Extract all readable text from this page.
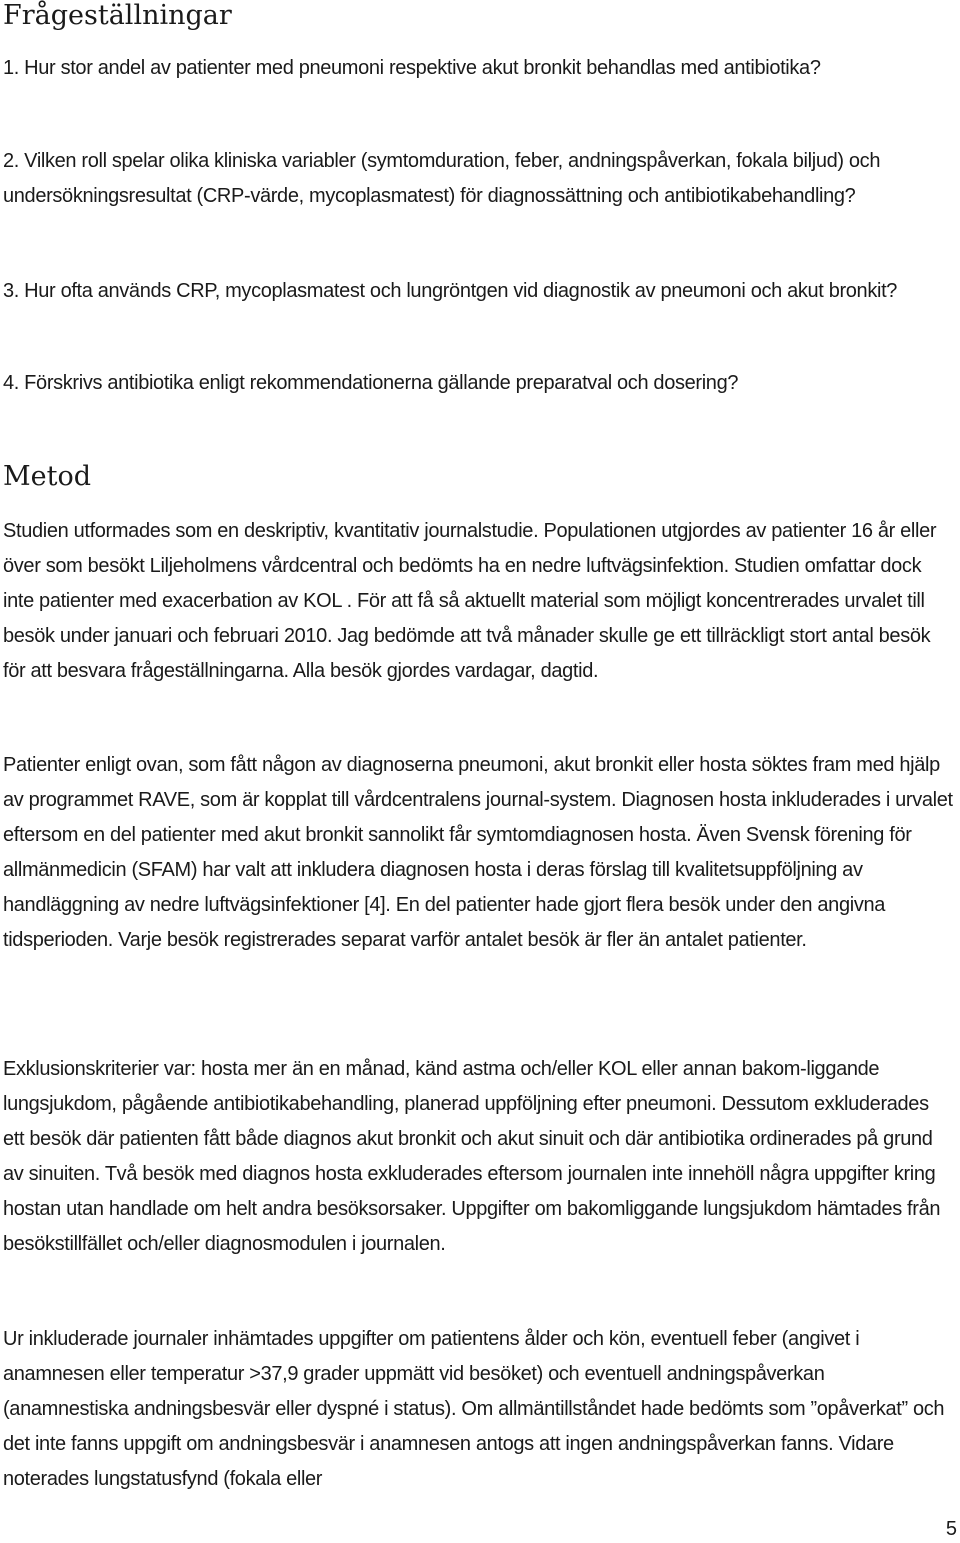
Frågeställningar

1. Hur stor andel av patienter med pneumoni respektive akut bronkit behandlas med antibiotika?

2. Vilken roll spelar olika kliniska variabler (symtomduration, feber, andningspåverkan, fokala biljud) och undersökningsresultat (CRP-värde, mycoplasmatest) för diagnossättning och antibiotikabehandling?

3. Hur ofta används CRP, mycoplasmatest och lungröntgen vid diagnostik av pneumoni och akut bronkit?

4. Förskrivs antibiotika enligt rekommendationerna gällande preparatval och dosering?

Metod

Studien utformades som en deskriptiv, kvantitativ journalstudie. Populationen utgjordes av patienter 16 år eller över som besökt Liljeholmens vårdcentral och bedömts ha en nedre luftvägsinfektion. Studien omfattar dock inte patienter med exacerbation av KOL . För att få så aktuellt material som möjligt koncentrerades urvalet till besök under januari och februari 2010. Jag bedömde att två månader skulle ge ett tillräckligt stort antal besök för att besvara frågeställningarna. Alla besök gjordes vardagar, dagtid.

Patienter enligt ovan, som fått någon av diagnoserna pneumoni, akut bronkit eller hosta söktes fram med hjälp av programmet RAVE, som är kopplat till vårdcentralens journal-system. Diagnosen hosta inkluderades i urvalet eftersom en del patienter med akut bronkit sannolikt får symtomdiagnosen hosta. Även Svensk förening för allmänmedicin (SFAM) har valt att inkludera diagnosen hosta i deras förslag till kvalitetsuppföljning av handläggning av nedre luftvägsinfektioner [4]. En del patienter hade gjort flera besök under den angivna tidsperioden. Varje besök registrerades separat varför antalet besök är fler än antalet patienter.

Exklusionskriterier var: hosta mer än en månad, känd astma och/eller KOL eller annan bakom-liggande lungsjukdom, pågående antibiotikabehandling, planerad uppföljning efter pneumoni. Dessutom exkluderades ett besök där patienten fått både diagnos akut bronkit och akut sinuit och där antibiotika ordinerades på grund av sinuiten. Två besök med diagnos hosta exkluderades eftersom journalen inte innehöll några uppgifter kring hostan utan handlade om helt andra besöksorsaker. Uppgifter om bakomliggande lungsjukdom hämtades från besökstillfället och/eller diagnosmodulen i journalen.

Ur inkluderade journaler inhämtades uppgifter om patientens ålder och kön, eventuell feber (angivet i anamnesen eller temperatur >37,9 grader uppmätt vid besöket) och eventuell andningspåverkan (anamnestiska andningsbesvär eller dyspné i status). Om allmäntillståndet hade bedömts som ”opåverkat” och det inte fanns uppgift om andningsbesvär i anamnesen antogs att ingen andningspåverkan fanns. Vidare noterades lungstatusfynd (fokala eller

5
